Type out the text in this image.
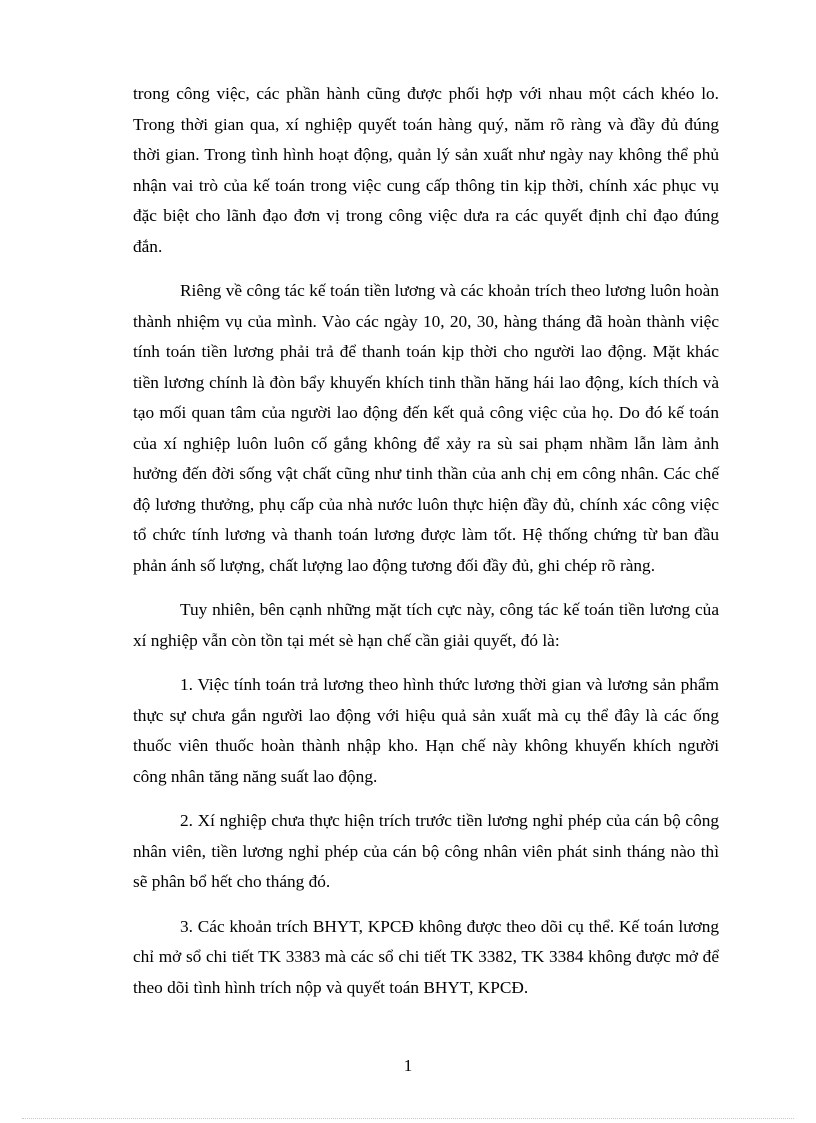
trong công việc, các phần hành cũng được phối hợp với nhau một cách khéo lo. Trong thời gian qua, xí nghiệp quyết toán hàng quý, năm rõ ràng và đầy đủ đúng thời gian. Trong tình hình hoạt động, quản lý sản xuất như ngày nay không thể phủ nhận vai trò của kế toán trong việc cung cấp thông tin kịp thời, chính xác phục vụ đặc biệt cho lãnh đạo đơn vị trong công việc dưa ra các quyết định chỉ đạo đúng đắn.

Riêng về công tác kế toán tiền lương và các khoản trích theo lương luôn hoàn thành nhiệm vụ của mình. Vào các ngày 10, 20, 30, hàng tháng đã hoàn thành việc tính toán tiền lương phải trả để thanh toán kịp thời cho người lao động. Mặt khác tiền lương chính là đòn bẩy khuyến khích tinh thần hăng hái lao động, kích thích và tạo mối quan tâm của người lao động đến kết quả công việc của họ. Do đó kế toán của xí nghiệp luôn luôn cố gắng không để xảy ra sù sai phạm nhầm lẫn làm ảnh hưởng đến đời sống vật chất cũng như tinh thần của anh chị em công nhân. Các chế độ lương thưởng, phụ cấp của nhà nước luôn thực hiện đầy đủ, chính xác công việc tổ chức tính lương và thanh toán lương được làm tốt. Hệ thống chứng từ ban đầu phản ánh số lượng, chất lượng lao động tương đối đầy đủ, ghi chép rõ ràng.

Tuy nhiên, bên cạnh những mặt tích cực này, công tác kế toán tiền lương của xí nghiệp vẫn còn tồn tại mét sè hạn chế cần giải quyết, đó là:

1. Việc tính toán trả lương theo hình thức lương thời gian và lương sản phẩm thực sự chưa gắn người lao động với hiệu quả sản xuất mà cụ thể đây là các ống thuốc viên thuốc hoàn thành nhập kho. Hạn chế này không khuyến khích người công nhân tăng năng suất lao động.

2. Xí nghiệp chưa thực hiện trích trước tiền lương nghỉ phép của cán bộ công nhân viên, tiền lương nghỉ phép của cán bộ công nhân viên phát sinh tháng nào thì sẽ phân bổ hết cho tháng đó.

3. Các khoản trích BHYT, KPCĐ không được theo dõi cụ thể. Kế toán lương chỉ mở sổ chi tiết TK 3383 mà các sổ chi tiết TK 3382, TK 3384 không được mở để theo dõi tình hình trích nộp và quyết toán BHYT, KPCĐ.

1
